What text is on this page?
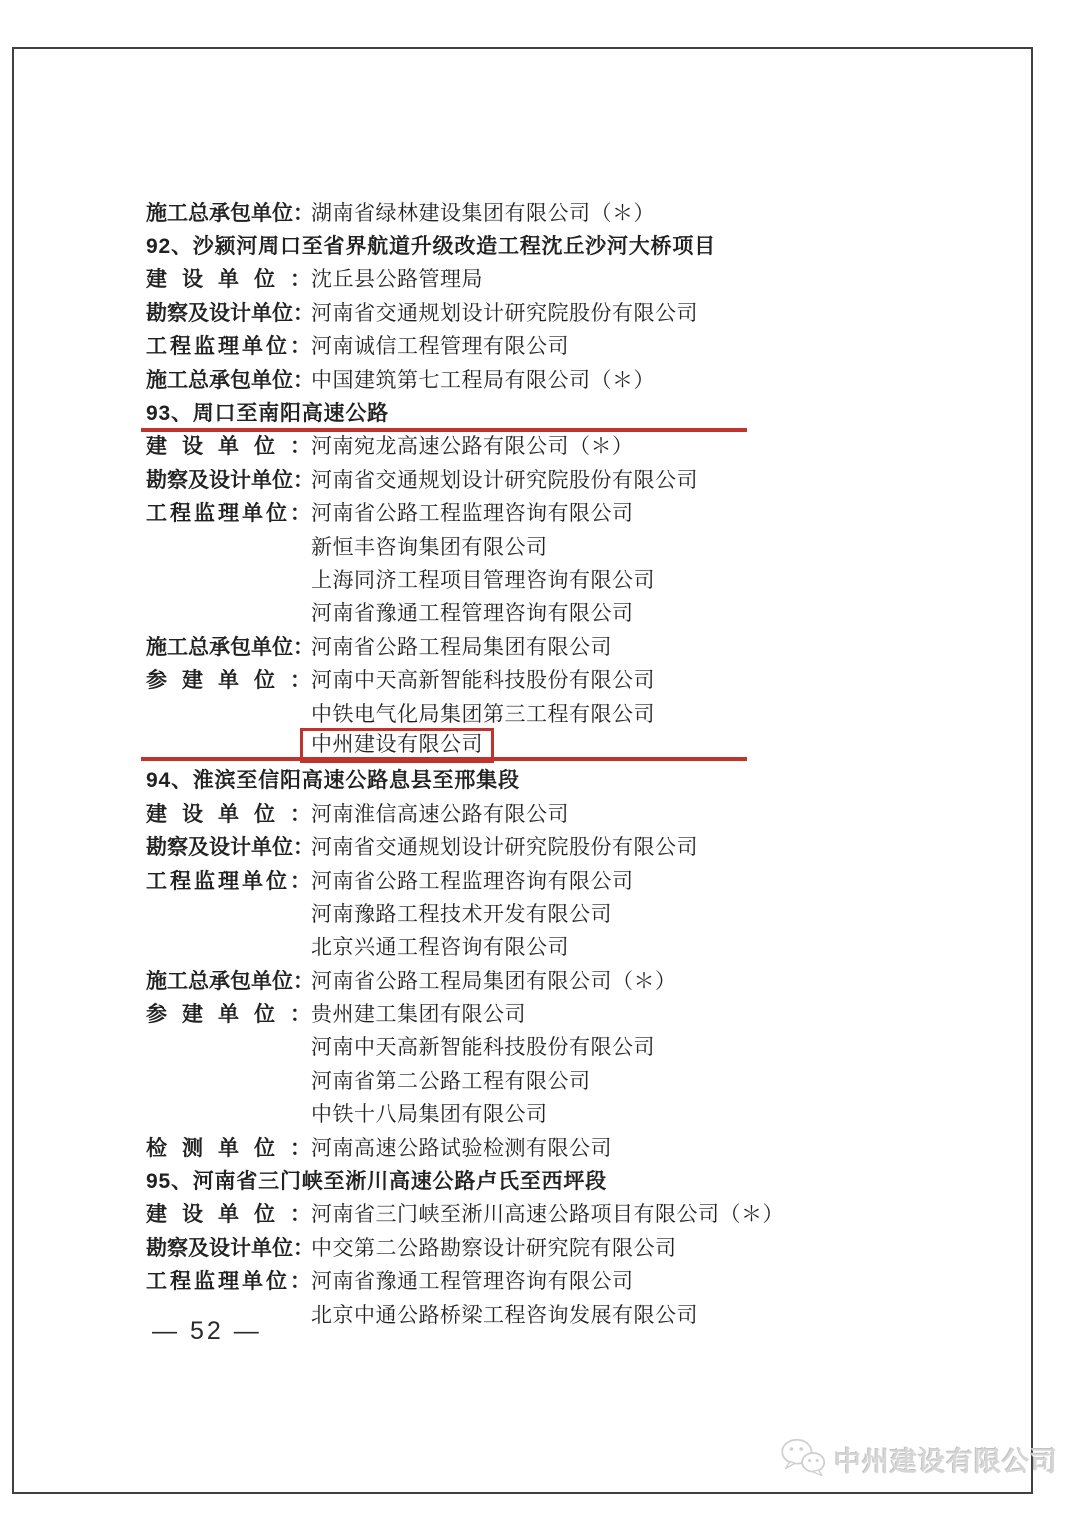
施工总承包单位：
湖南省绿林建设集团有限公司（＊）
92、沙颍河周口至省界航道升级改造工程沈丘沙河大桥项目
建设单位： 沈丘县公路管理局
勘察及设计单位：
河南省交通规划设计研究院股份有限公司
工程监理单位： 河南诚信工程管理有限公司
施工总承包单位：
中国建筑第七工程局有限公司（＊）
93、周口至南阳高速公路
建设单位： 河南宛龙高速公路有限公司（＊）
勘察及设计单位：
河南省交通规划设计研究院股份有限公司
工程监理单位： 河南省公路工程监理咨询有限公司
新恒丰咨询集团有限公司
上海同济工程项目管理咨询有限公司
河南省豫通工程管理咨询有限公司
施工总承包单位：
河南省公路工程局集团有限公司
参建单位： 河南中天高新智能科技股份有限公司
中铁电气化局集团第三工程有限公司
中州建设有限公司
94、淮滨至信阳高速公路息县至邢集段
建设单位： 河南淮信高速公路有限公司
勘察及设计单位：
河南省交通规划设计研究院股份有限公司
工程监理单位： 河南省公路工程监理咨询有限公司
河南豫路工程技术开发有限公司
北京兴通工程咨询有限公司
施工总承包单位：
河南省公路工程局集团有限公司（＊）
参建单位： 贵州建工集团有限公司
河南中天高新智能科技股份有限公司
河南省第二公路工程有限公司
中铁十八局集团有限公司
检测单位： 河南高速公路试验检测有限公司
95、河南省三门峡至淅川高速公路卢氏至西坪段
建设单位： 河南省三门峡至淅川高速公路项目有限公司（＊）
勘察及设计单位：
中交第二公路勘察设计研究院有限公司
工程监理单位： 河南省豫通工程管理咨询有限公司
北京中通公路桥梁工程咨询发展有限公司
— 52 —
中州建设有限公司
